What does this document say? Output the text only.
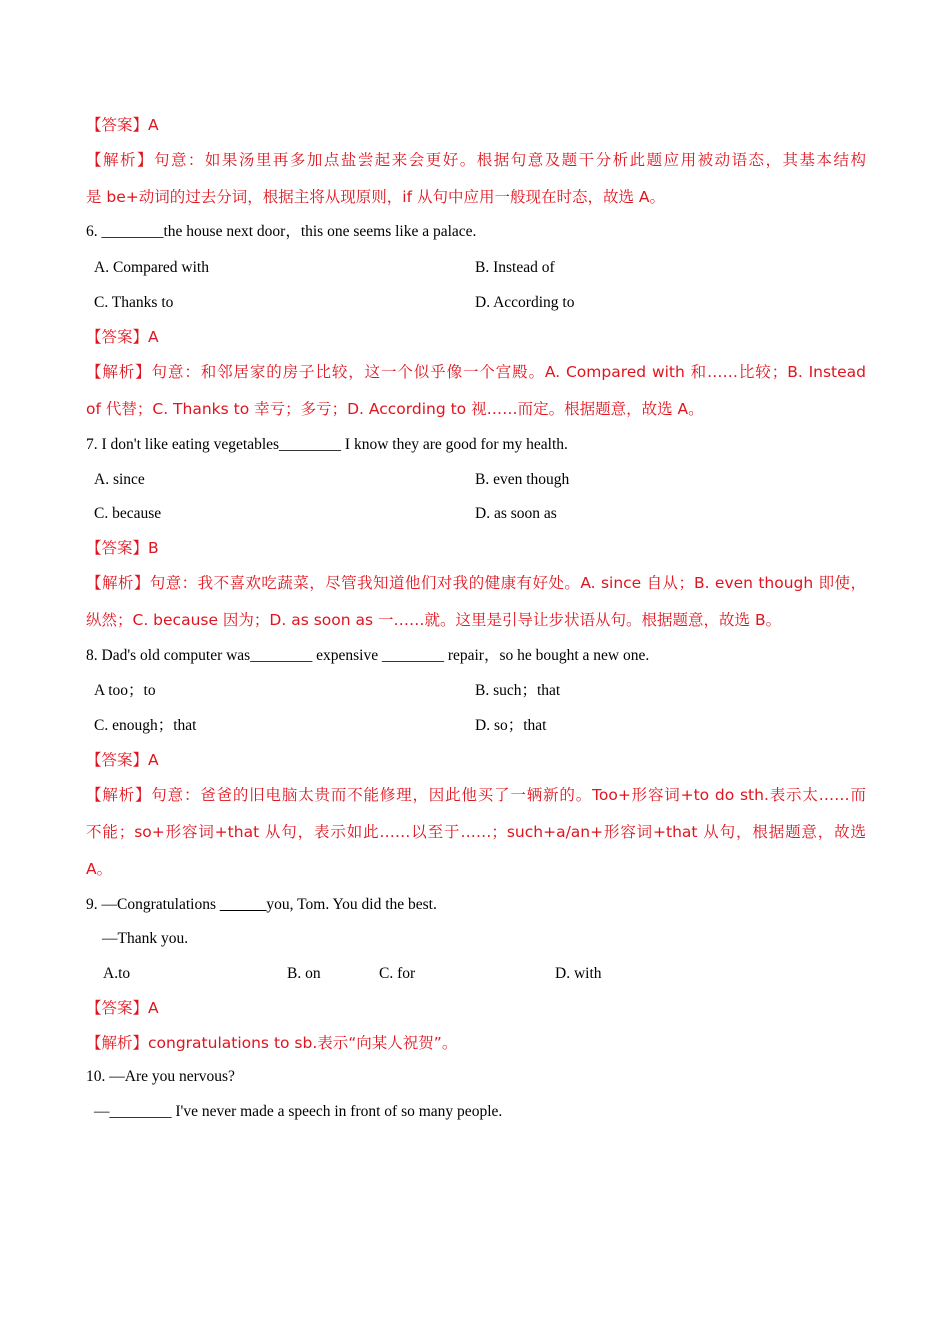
【答案】A
【解析】句意：如果汤里再多加点盐尝起来会更好。根据句意及题干分析此题应用被动语态，其基本结构
是 be+动词的过去分词，根据主将从现原则，if 从句中应用一般现在时态，故选 A。
6. ________the house next door，this one seems like a palace.
A. Compared with	B. Instead of
C. Thanks to	D. According to
【答案】A
【解析】句意：和邻居家的房子比较，这一个似乎像一个宫殿。A. Compared with 和……比较；B. Instead
of 代替；C. Thanks to 幸亏；多亏；D. According to 视……而定。根据题意，故选 A。
7. I don't like eating vegetables________ I know they are good for my health.
A. since	B. even though
C. because	D. as soon as
【答案】B
【解析】句意：我不喜欢吃蔬菜，尽管我知道他们对我的健康有好处。A. since 自从；B. even though 即使，
纵然；C. because 因为；D. as soon as 一……就。这里是引导让步状语从句。根据题意，故选 B。
8. Dad's old computer was________ expensive ________ repair，so he bought a new one.
A too；to	B. such；that
C. enough；that	D. so；that
【答案】A
【解析】句意：爸爸的旧电脑太贵而不能修理，因此他买了一辆新的。Too+形容词+to do sth.表示太……而
不能；so+形容词+that 从句，表示如此……以至于……；such+a/an+形容词+that 从句，根据题意，故选
A。
9. —Congratulations ______you, Tom. You did the best.
—Thank you.
A.to	B. on	C. for	D. with
【答案】A
【解析】congratulations to sb.表示“向某人祝贺”。
10. —Are you nervous?
—________ I've never made a speech in front of so many people.
